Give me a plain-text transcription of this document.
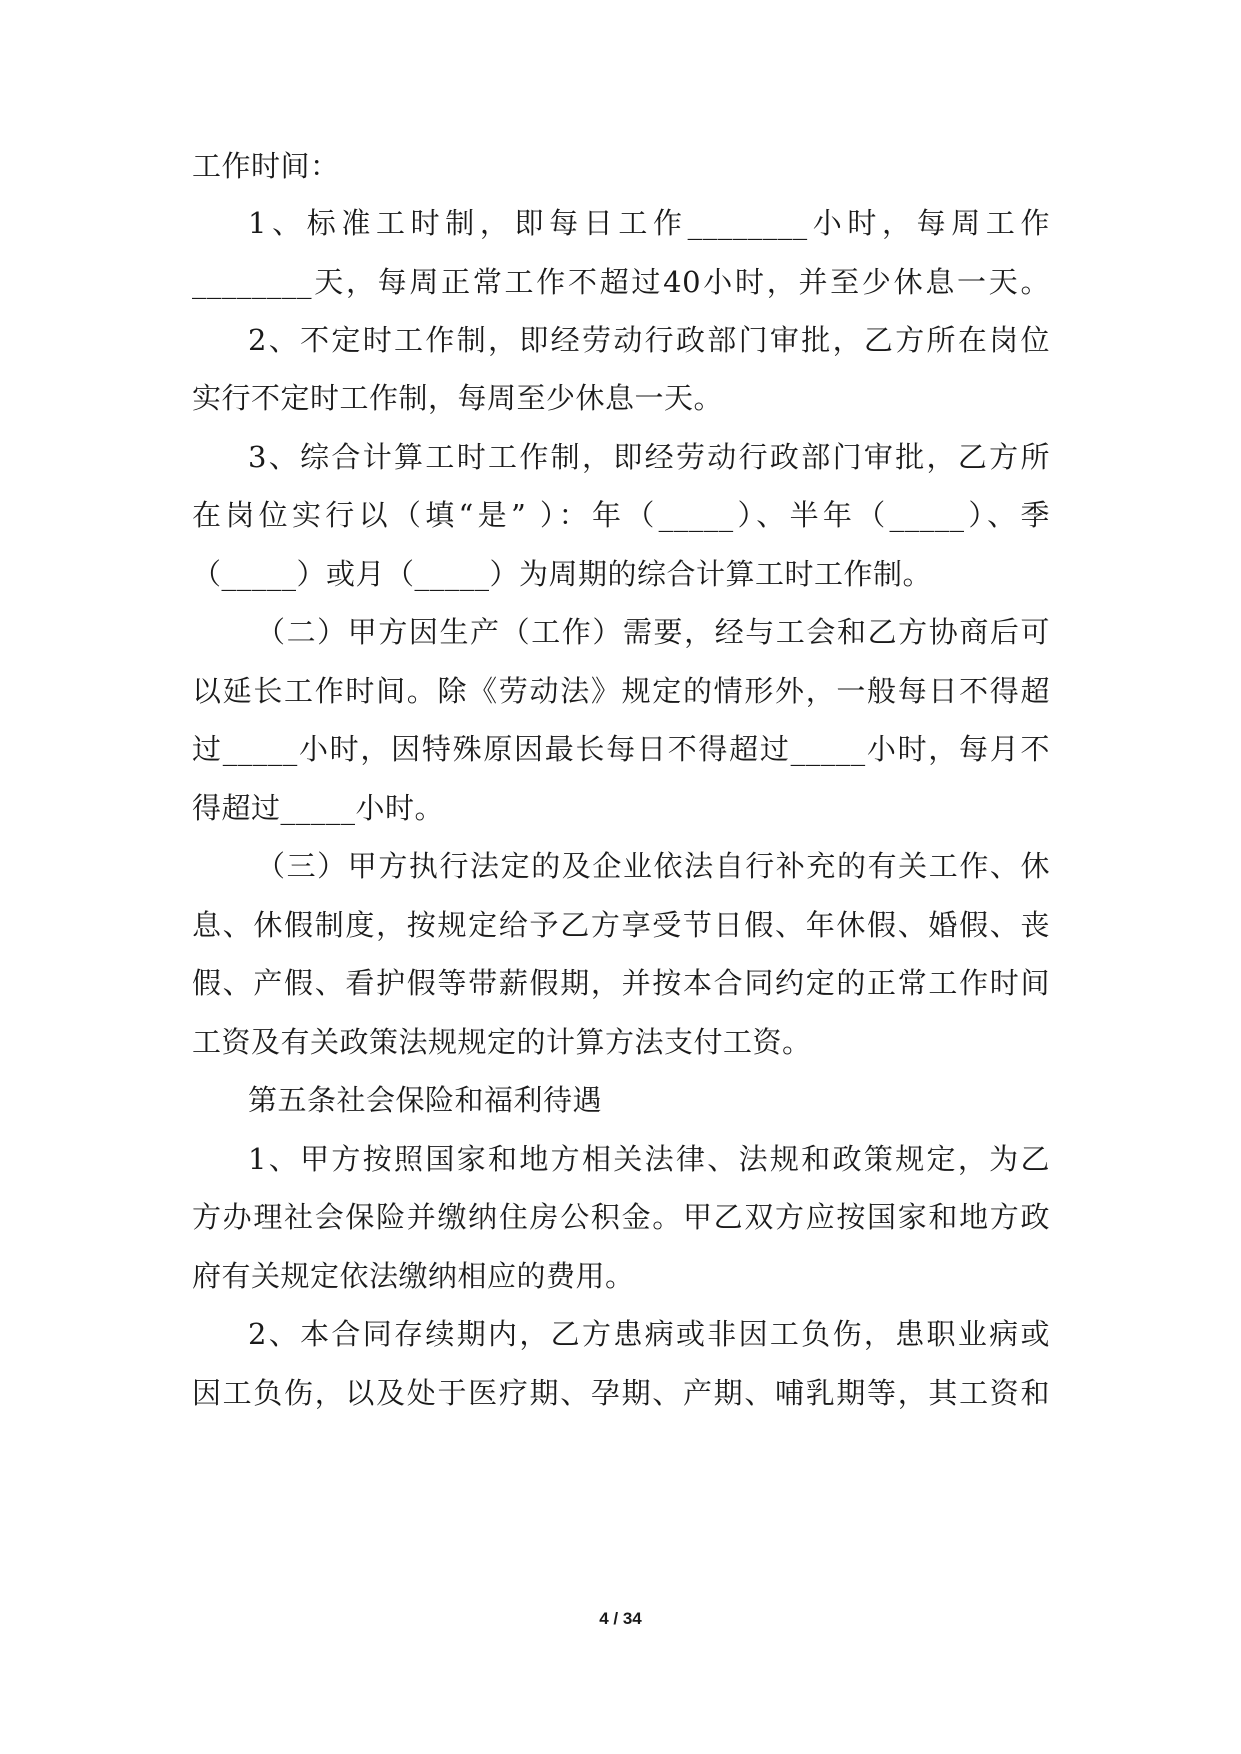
工作时间：
1、标准工时制，即每日工作________小时，每周工作
________天，每周正常工作不超过40小时，并至少休息一天。
2、不定时工作制，即经劳动行政部门审批，乙方所在岗位
实行不定时工作制，每周至少休息一天。
3、综合计算工时工作制，即经劳动行政部门审批，乙方所
在岗位实行以（填“是” ）：年（_____）、半年（_____）、季
（_____）或月（_____）为周期的综合计算工时工作制。
（二）甲方因生产（工作）需要，经与工会和乙方协商后可
以延长工作时间。除《劳动法》规定的情形外，一般每日不得超
过_____小时，因特殊原因最长每日不得超过_____小时，每月不
得超过_____小时。
（三）甲方执行法定的及企业依法自行补充的有关工作、休
息、休假制度，按规定给予乙方享受节日假、年休假、婚假、丧
假、产假、看护假等带薪假期，并按本合同约定的正常工作时间
工资及有关政策法规规定的计算方法支付工资。
第五条社会保险和福利待遇
1、甲方按照国家和地方相关法律、法规和政策规定，为乙
方办理社会保险并缴纳住房公积金。甲乙双方应按国家和地方政
府有关规定依法缴纳相应的费用。
2、本合同存续期内，乙方患病或非因工负伤，患职业病或
因工负伤，以及处于医疗期、孕期、产期、哺乳期等，其工资和
4 / 34
